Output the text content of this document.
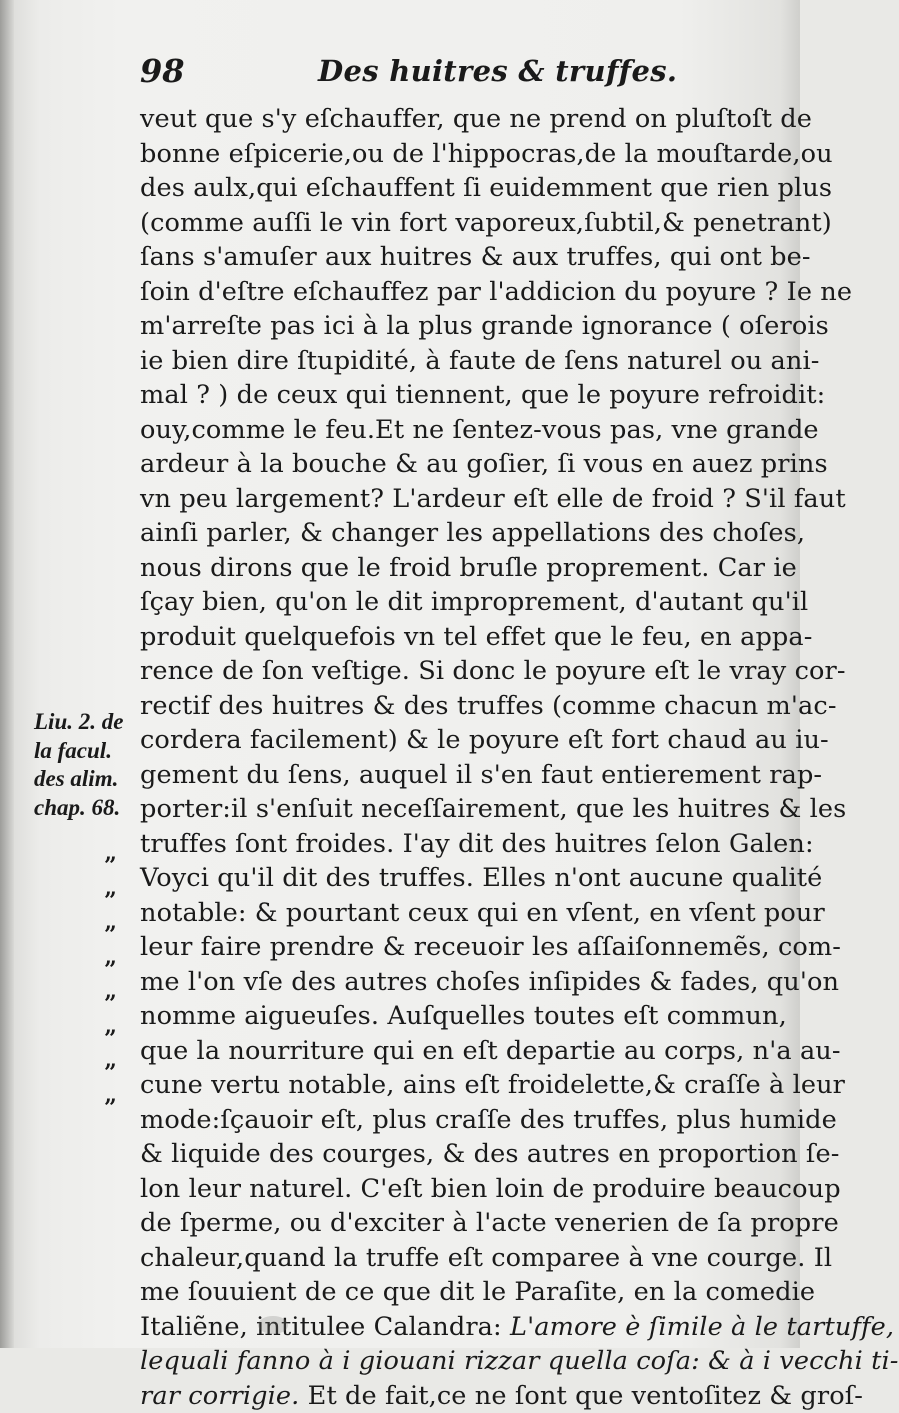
98	Des huitres & truffes.
Liu. 2. de
la facul.
des alim.
chap. 68.
”
”
”
”
”
”
”
”
veut que s'y eſchauffer, que ne prend on pluſtoſt de
bonne eſpicerie,ou de l'hippocras,de la mouſtarde,ou
des aulx,qui eſchauffent ſi euidemment que rien plus
(comme auſſi le vin fort vaporeux,ſubtil,& penetrant)
ſans s'amuſer aux huitres & aux truffes, qui ont be-
ſoin d'eſtre eſchauffez par l'addicion du poyure ? Ie ne
m'arreſte pas ici à la plus grande ignorance ( oſerois
ie bien dire ſtupidité, à faute de ſens naturel ou ani-
mal ? ) de ceux qui tiennent, que le poyure refroidit:
ouy,comme le feu.Et ne ſentez-vous pas, vne grande
ardeur à la bouche & au goſier, ſi vous en auez prins
vn peu largement? L'ardeur eſt elle de froid ? S'il faut
ainſi parler, & changer les appellations des choſes,
nous dirons que le froid bruſle proprement. Car ie
ſçay bien, qu'on le dit improprement, d'autant qu'il
produit quelquefois vn tel effet que le feu, en appa-
rence de ſon veſtige. Si donc le poyure eſt le vray cor-
rectif des huitres & des truffes (comme chacun m'ac-
cordera facilement) & le poyure eſt fort chaud au iu-
gement du ſens, auquel il s'en faut entierement rap-
porter:il s'enſuit neceſſairement, que les huitres & les
truffes ſont froides. I'ay dit des huitres ſelon Galen:
Voyci qu'il dit des truffes. Elles n'ont aucune qualité
notable: & pourtant ceux qui en vſent, en vſent pour
leur faire prendre & receuoir les aſſaiſonnemẽs, com-
me l'on vſe des autres choſes inſipides & fades, qu'on
nomme aigueuſes. Auſquelles toutes eſt commun,
que la nourriture qui en eſt departie au corps, n'a au-
cune vertu notable, ains eſt froidelette,& craſſe à leur
mode:ſçauoir eſt, plus craſſe des truffes, plus humide
& liquide des courges, & des autres en proportion ſe-
lon leur naturel. C'eſt bien loin de produire beaucoup
de ſperme, ou d'exciter à l'acte venerien de ſa propre
chaleur,quand la truffe eſt comparee à vne courge. Il
me ſouuient de ce que dit le Paraſite, en la comedie
Italiẽne, intitulee Calandra: L'amore è ſimile à le tartuffe,
lequali fanno à i giouani rizzar quella coſa: & à i vecchi ti-
rar corrigie. Et de fait,ce ne ſont que ventoſitez & groſ-
